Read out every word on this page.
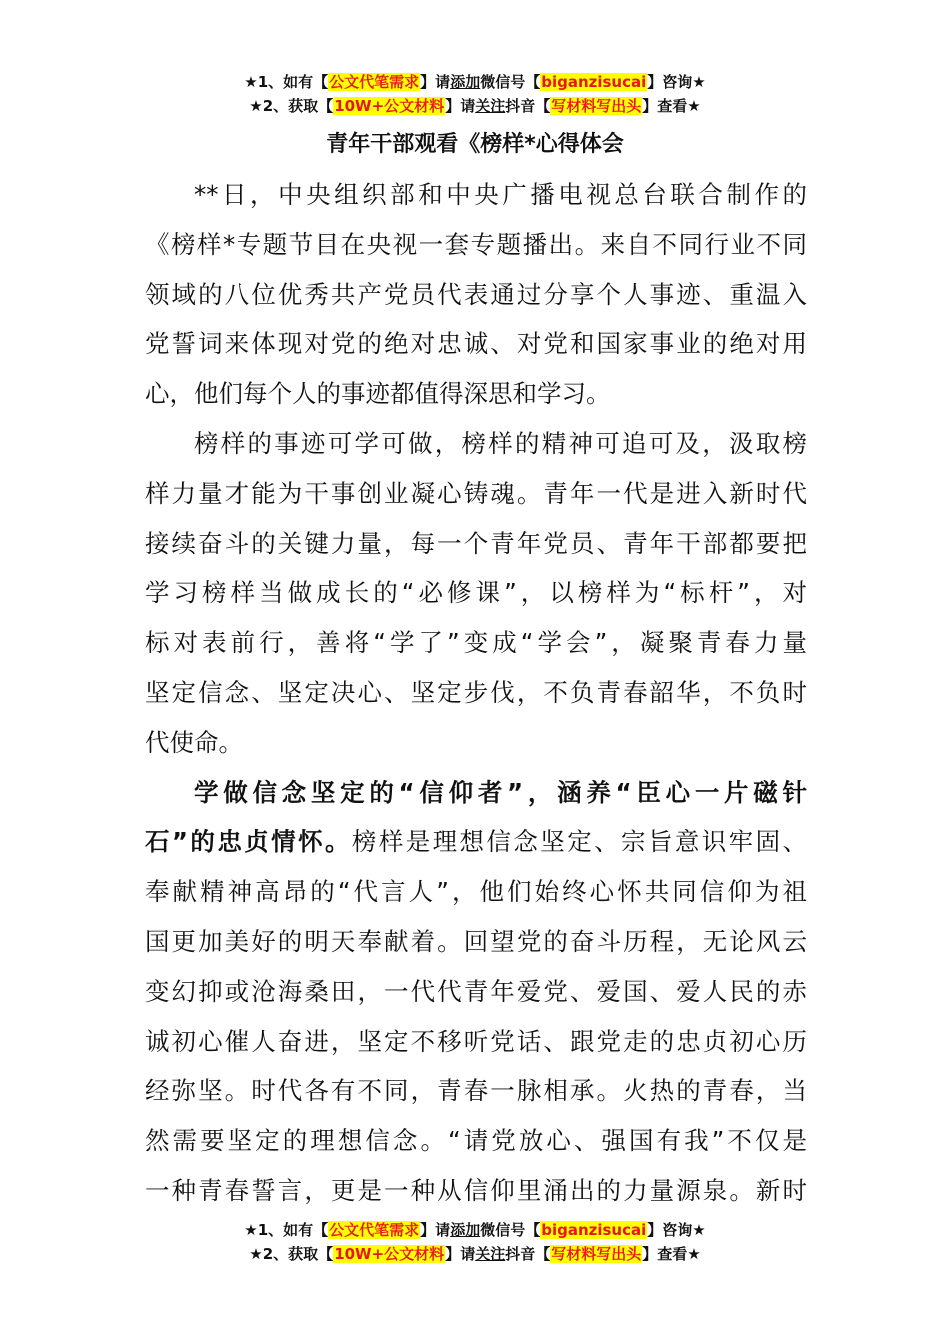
★1、如有【公文代笔需求】请添加微信号【biganzisucai】咨询★
★2、获取【10W+公文材料】请关注抖音【写材料写出头】查看★
青年干部观看《榜样*心得体会
**日，中央组织部和中央广播电视总台联合制作的
《榜样*专题节目在央视一套专题播出。来自不同行业不同
领域的八位优秀共产党员代表通过分享个人事迹、重温入
党誓词来体现对党的绝对忠诚、对党和国家事业的绝对用
心，他们每个人的事迹都值得深思和学习。
榜样的事迹可学可做，榜样的精神可追可及，汲取榜
样力量才能为干事创业凝心铸魂。青年一代是进入新时代
接续奋斗的关键力量，每一个青年党员、青年干部都要把
学习榜样当做成长的“必修课”，以榜样为“标杆”，对
标对表前行，善将“学了”变成“学会”，凝聚青春力量
坚定信念、坚定决心、坚定步伐，不负青春韶华，不负时
代使命。
学做信念坚定的“信仰者”，涵养“臣心一片磁针
石”的忠贞情怀。榜样是理想信念坚定、宗旨意识牢固、
奉献精神高昂的“代言人”，他们始终心怀共同信仰为祖
国更加美好的明天奉献着。回望党的奋斗历程，无论风云
变幻抑或沧海桑田，一代代青年爱党、爱国、爱人民的赤
诚初心催人奋进，坚定不移听党话、跟党走的忠贞初心历
经弥坚。时代各有不同，青春一脉相承。火热的青春，当
然需要坚定的理想信念。“请党放心、强国有我”不仅是
一种青春誓言，更是一种从信仰里涌出的力量源泉。新时
★1、如有【公文代笔需求】请添加微信号【biganzisucai】咨询★
★2、获取【10W+公文材料】请关注抖音【写材料写出头】查看★
